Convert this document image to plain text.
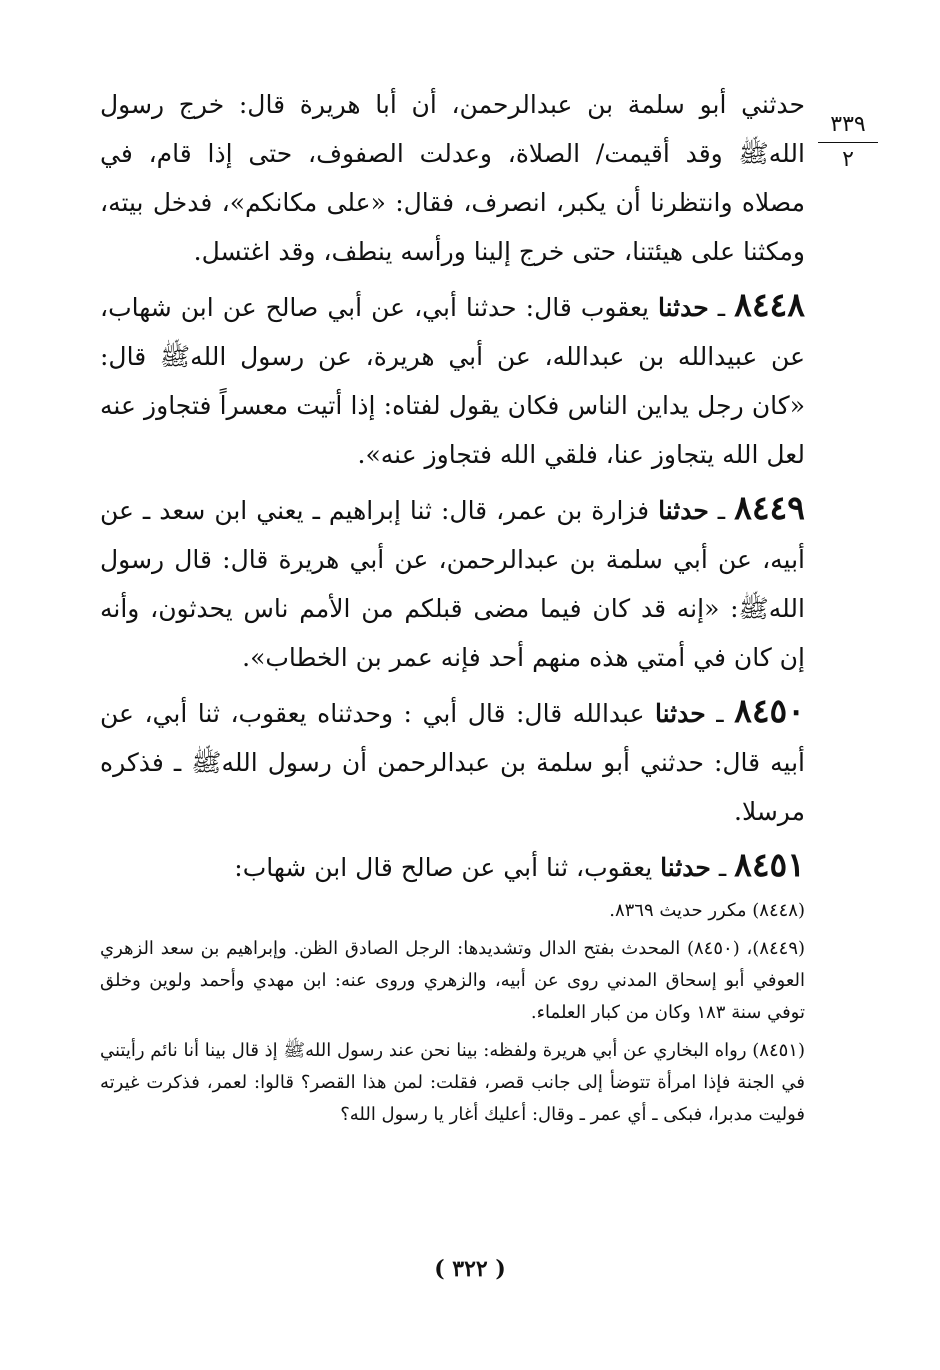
٣٣٩
٢

حدثني أبو سلمة بن عبدالرحمن، أن أبا هريرة قال: خرج رسول اللهﷺ وقد أقيمت/ الصلاة، وعدلت الصفوف، حتى إذا قام، في مصلاه وانتظرنا أن يكبر، انصرف، فقال: «على مكانكم»، فدخل بيته، ومكثنا على هيئتنا، حتى خرج إلينا ورأسه ينطف، وقد اغتسل.

٨٤٤٨ ـ حدثنا يعقوب قال: حدثنا أبي، عن أبي صالح عن ابن شهاب، عن عبيدالله بن عبدالله، عن أبي هريرة، عن رسول اللهﷺ قال: «كان رجل يداين الناس فكان يقول لفتاه: إذا أتيت معسراً فتجاوز عنه لعل الله يتجاوز عنا، فلقي الله فتجاوز عنه».

٨٤٤٩ ـ حدثنا فزارة بن عمر، قال: ثنا إبراهيم ـ يعني ابن سعد ـ عن أبيه، عن أبي سلمة بن عبدالرحمن، عن أبي هريرة قال: قال رسول اللهﷺ: «إنه قد كان فيما مضى قبلكم من الأمم ناس يحدثون، وأنه إن كان في أمتي هذه منهم أحد فإنه عمر بن الخطاب».

٨٤٥٠ ـ حدثنا عبدالله قال: قال أبي : وحدثناه يعقوب، ثنا أبي، عن أبيه قال: حدثني أبو سلمة بن عبدالرحمن أن رسول اللهﷺ ـ فذكره مرسلا.

٨٤٥١ ـ حدثنا يعقوب، ثنا أبي عن صالح قال ابن شهاب:

(٨٤٤٨) مكرر حديث ٨٣٦٩.

(٨٤٤٩)، (٨٤٥٠) المحدث بفتح الدال وتشديدها: الرجل الصادق الظن. وإبراهيم بن سعد الزهري العوفي أبو إسحاق المدني روى عن أبيه، والزهري وروى عنه: ابن مهدي وأحمد ولوين وخلق توفي سنة ١٨٣ وكان من كبار العلماء.

(٨٤٥١) رواه البخاري عن أبي هريرة ولفظه: بينا نحن عند رسول اللهﷺ إذ قال بينا أنا نائم رأيتني في الجنة فإذا امرأة تتوضأ إلى جانب قصر، فقلت: لمن هذا القصر؟ قالوا: لعمر، فذكرت غيرته فوليت مدبرا، فبكى ـ أي عمر ـ وقال: أعليك أغار يا رسول الله؟

( ٣٢٢ )
